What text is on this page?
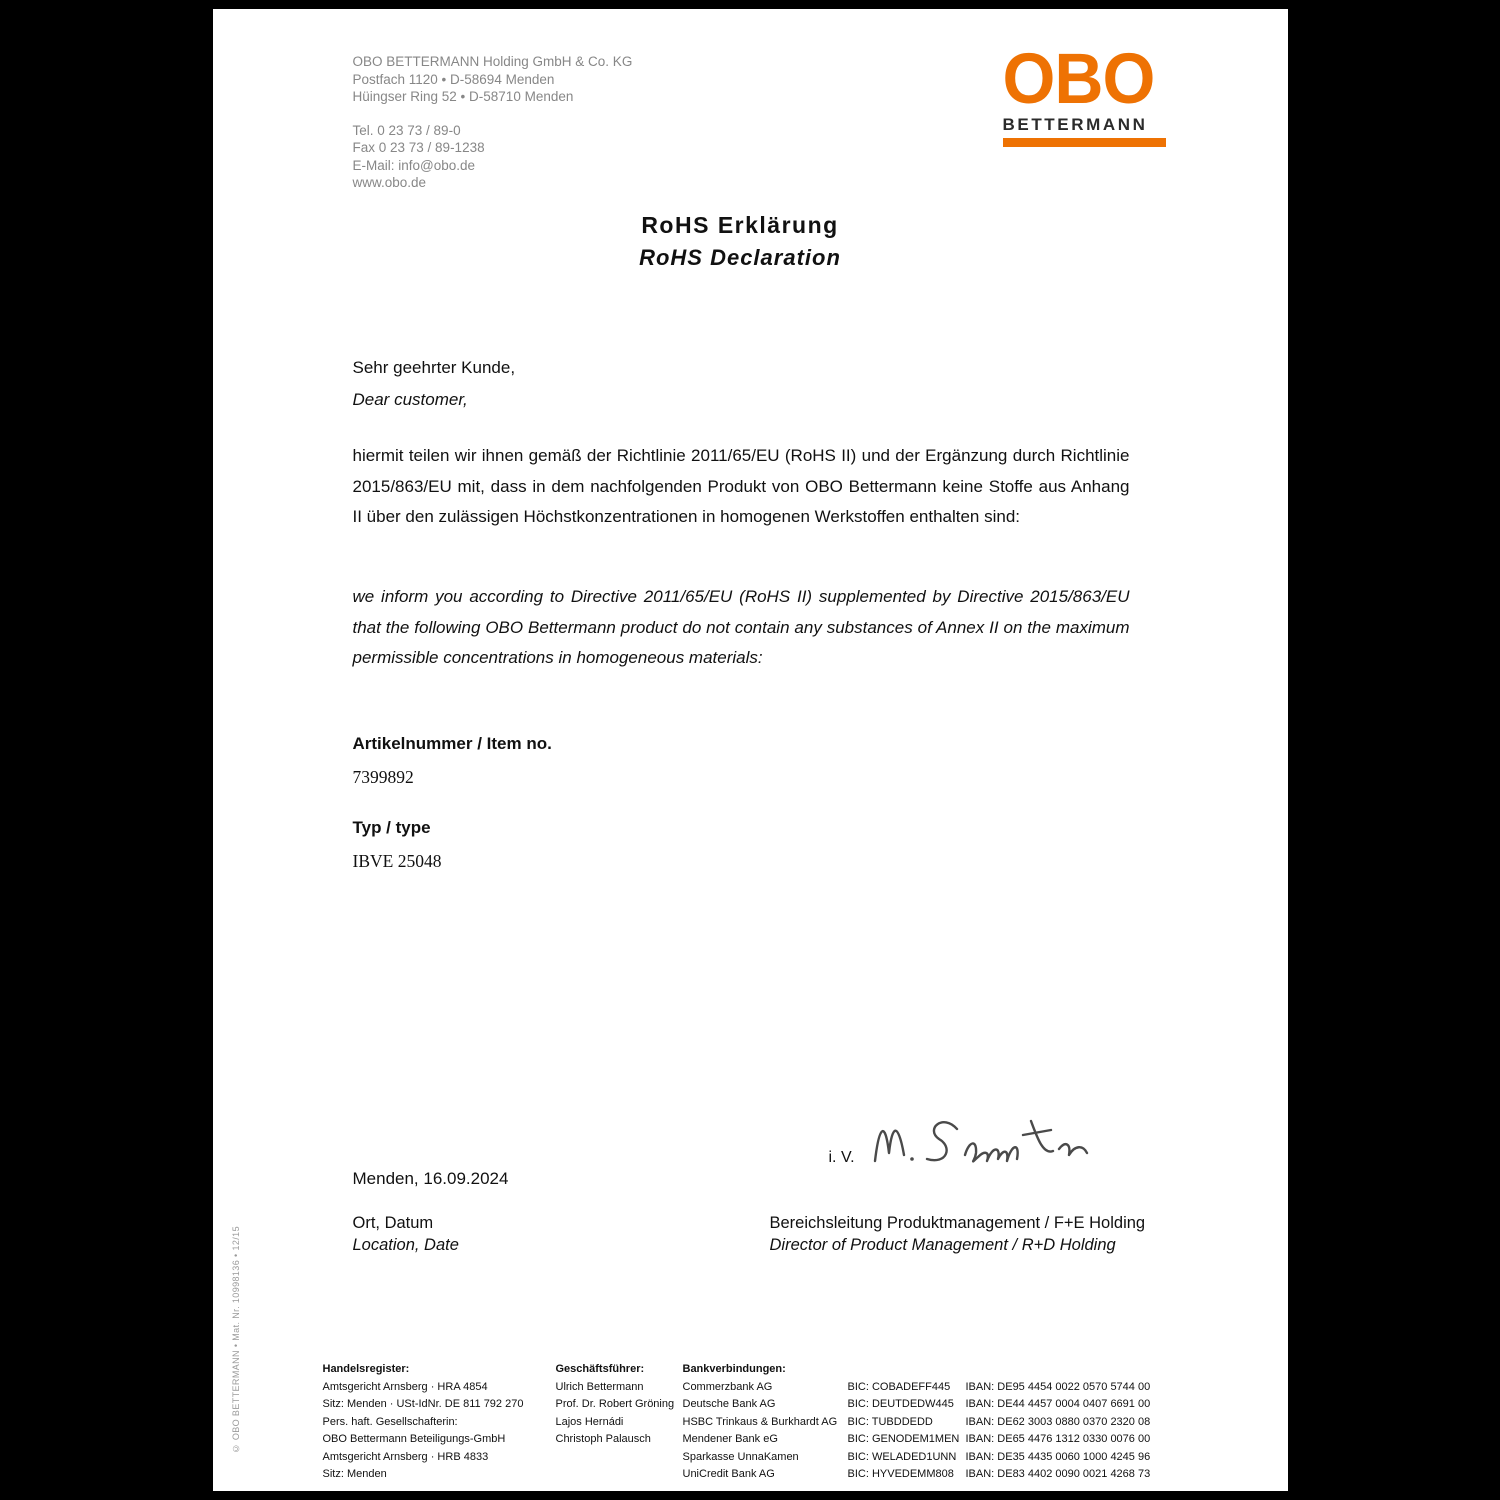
OBO BETTERMANN Holding GmbH & Co. KG
Postfach 1120 • D-58694 Menden
Hüingser Ring 52 • D-58710 Menden
Tel. 0 23 73 / 89-0
Fax 0 23 73 / 89-1238
E-Mail: info@obo.de
www.obo.de
OBO
BETTERMANN
RoHS Erklärung
RoHS Declaration
Sehr geehrter Kunde,
Dear customer,
hiermit teilen wir ihnen gemäß der Richtlinie 2011/65/EU (RoHS II) und der Ergänzung durch Richtlinie 2015/863/EU mit, dass in dem nachfolgenden Produkt von OBO Bettermann keine Stoffe aus Anhang II über den zulässigen Höchstkonzentrationen in homogenen Werkstoffen enthalten sind:
we inform you according to Directive 2011/65/EU (RoHS II) supplemented by Directive 2015/863/EU that the following OBO Bettermann product do not contain any substances of Annex II on the maximum permissible concentrations in homogeneous materials:
Artikelnummer / Item no.
7399892
Typ / type
IBVE 25048
i. V.
Menden, 16.09.2024
Ort, Datum
Location, Date
Bereichsleitung Produktmanagement / F+E Holding
Director of Product Management / R+D Holding
© OBO BETTERMANN • Mat. Nr. 10998136 • 12/15	Handelsregister:
Amtsgericht Arnsberg · HRA 4854
Sitz: Menden · USt-IdNr. DE 811 792 270
Pers. haft. Gesellschafterin:
OBO Bettermann Beteiligungs-GmbH
Amtsgericht Arnsberg · HRB 4833
Sitz: Menden
Geschäftsführer:
Ulrich Bettermann
Prof. Dr. Robert Gröning
Lajos Hernádi
Christoph Palausch
Bankverbindungen:
Commerzbank AG	BIC: COBADEFF445	IBAN: DE95 4454 0022 0570 5744 00
Deutsche Bank AG	BIC: DEUTDEDW445	IBAN: DE44 4457 0004 0407 6691 00
HSBC Trinkaus & Burkhardt AG BIC: TUBDDEDD	IBAN: DE62 3003 0880 0370 2320 08
Mendener Bank eG	BIC: GENODEM1MEN IBAN: DE65 4476 1312 0330 0076 00
Sparkasse UnnaKamen	BIC: WELADED1UNN IBAN: DE35 4435 0060 1000 4245 96
UniCredit Bank AG	BIC: HYVEDEMM808	IBAN: DE83 4402 0090 0021 4268 73
